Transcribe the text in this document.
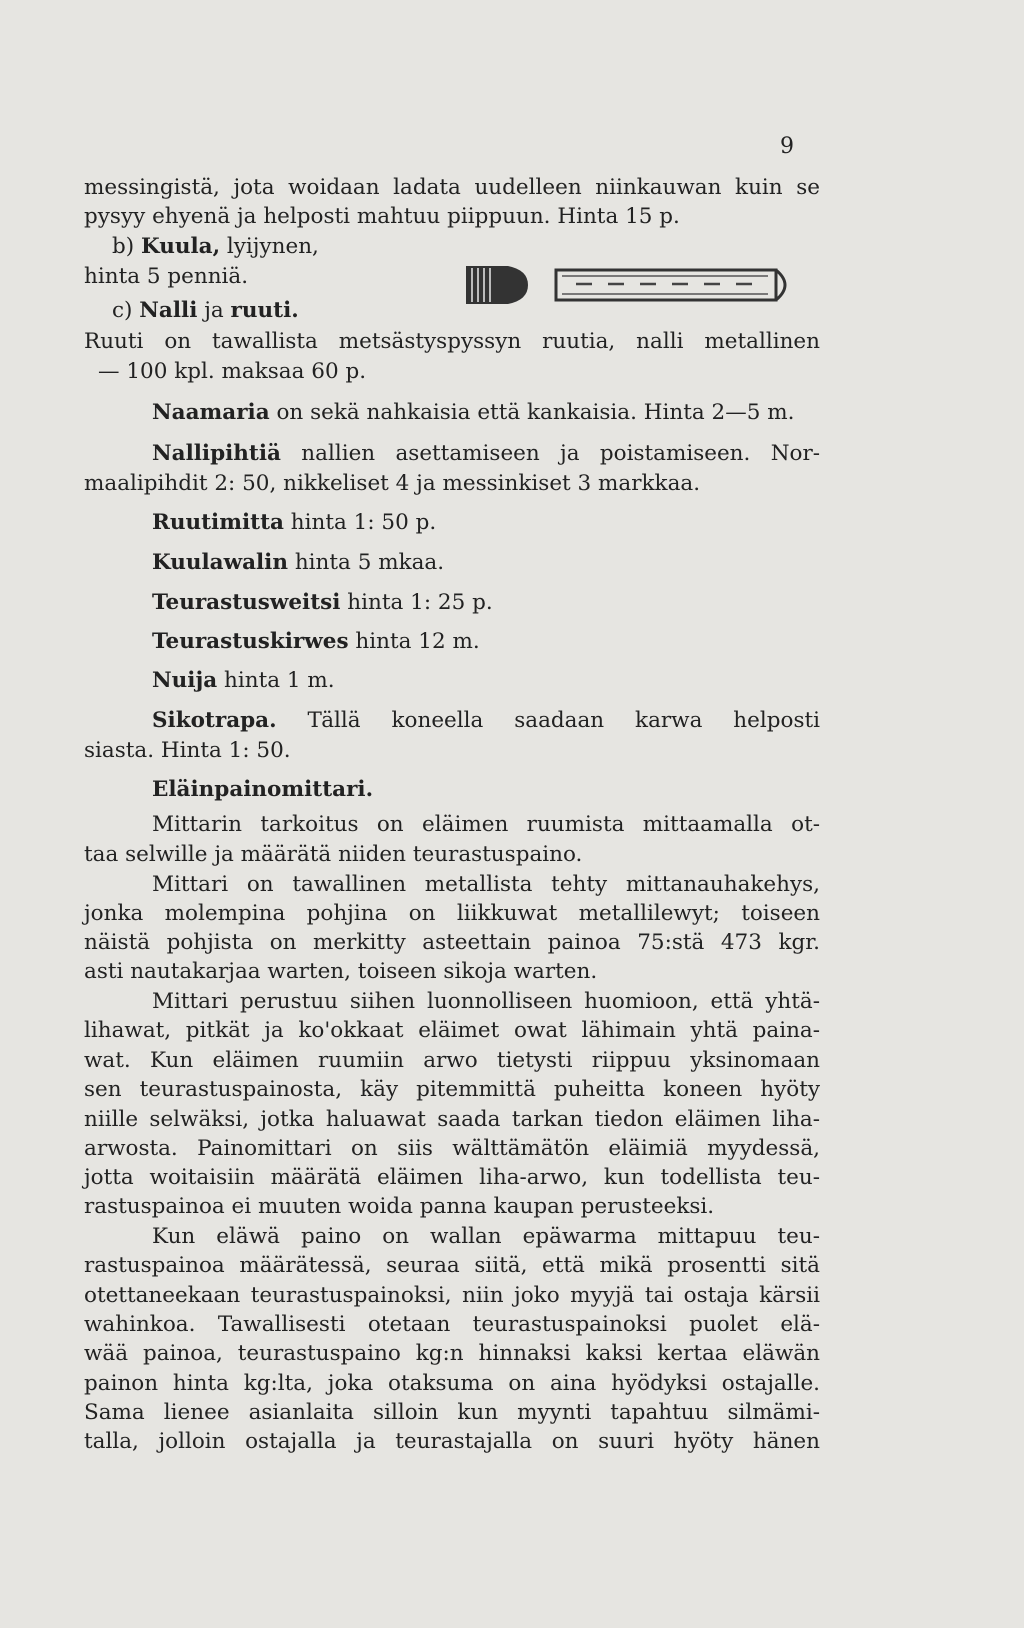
9
messingistä, jota woidaan ladata uudelleen niinkauwan kuin se
pysyy ehyenä ja helposti mahtuu piippuun. Hinta 15 p.
b) Kuula, lyijynen,
hinta 5 penniä.
c) Nalli ja ruuti.
Ruuti on tawallista metsästyspyssyn ruutia, nalli metallinen
— 100 kpl. maksaa 60 p.
Naamaria on sekä nahkaisia että kankaisia. Hinta 2—5 m.
Nallipihtiä nallien asettamiseen ja poistamiseen. Nor-
maalipihdit 2: 50, nikkeliset 4 ja messinkiset 3 markkaa.
Ruutimitta hinta 1: 50 p.
Kuulawalin hinta 5 mkaa.
Teurastusweitsi hinta 1: 25 p.
Teurastuskirwes hinta 12 m.
Nuija hinta 1 m.
Sikotrapa. Tällä koneella saadaan karwa helposti
siasta. Hinta 1: 50.
Eläinpainomittari.
Mittarin tarkoitus on eläimen ruumista mittaamalla ot-
taa selwille ja määrätä niiden teurastuspaino.
Mittari on tawallinen metallista tehty mittanauhakehys,
jonka molempina pohjina on liikkuwat metallilewyt; toiseen
näistä pohjista on merkitty asteettain painoa 75:stä 473 kgr.
asti nautakarjaa warten, toiseen sikoja warten.
Mittari perustuu siihen luonnolliseen huomioon, että yhtä-
lihawat, pitkät ja ko'okkaat eläimet owat lähimain yhtä paina-
wat. Kun eläimen ruumiin arwo tietysti riippuu yksinomaan
sen teurastuspainosta, käy pitemmittä puheitta koneen hyöty
niille selwäksi, jotka haluawat saada tarkan tiedon eläimen liha-
arwosta. Painomittari on siis wälttämätön eläimiä myydessä,
jotta woitaisiin määrätä eläimen liha-arwo, kun todellista teu-
rastuspainoa ei muuten woida panna kaupan perusteeksi.
Kun eläwä paino on wallan epäwarma mittapuu teu-
rastuspainoa määrätessä, seuraa siitä, että mikä prosentti sitä
otettaneekaan teurastuspainoksi, niin joko myyjä tai ostaja kärsii
wahinkoa. Tawallisesti otetaan teurastuspainoksi puolet elä-
wää painoa, teurastuspaino kg:n hinnaksi kaksi kertaa eläwän
painon hinta kg:lta, joka otaksuma on aina hyödyksi ostajalle.
Sama lienee asianlaita silloin kun myynti tapahtuu silmämi-
talla, jolloin ostajalla ja teurastajalla on suuri hyöty hänen
